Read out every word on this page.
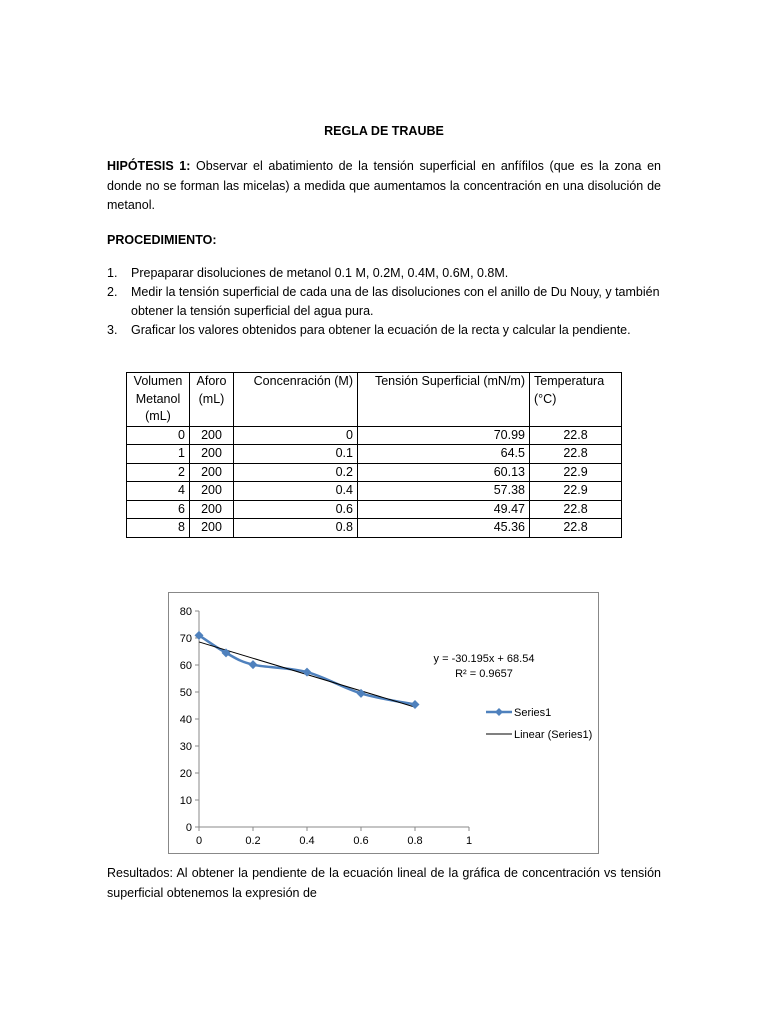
REGLA DE TRAUBE
HIPÓTESIS 1: Observar el abatimiento de la tensión superficial en anfífilos (que es la zona en donde no se forman las micelas) a medida que aumentamos la concentración en una disolución de metanol.
PROCEDIMIENTO:
1.	Prepaparar disoluciones de metanol 0.1 M, 0.2M, 0.4M, 0.6M, 0.8M.
2.	Medir la tensión superficial de cada una de las disoluciones con el anillo de Du Nouy, y también obtener la tensión superficial del agua pura.
3.	Graficar los valores obtenidos para obtener la ecuación de la recta y calcular la pendiente.
Volumen
Metanol
(mL)	Aforo
(mL)	Concenración (M)	Tensión Superficial (mN/m)	Temperatura
(°C)
0	200	0	70.99	22.8
1	200	0.1	64.5	22.8
2	200	0.2	60.13	22.9
4	200	0.4	57.38	22.9
6	200	0.6	49.47	22.8
8	200	0.8	45.36	22.8
0
10
20
30
40
50
60
70
80
0	0.2	0.4	0.6	0.8	1
y = -30.195x + 68.54
R² = 0.9657
Series1
Linear (Series1)
Resultados: Al obtener la pendiente de la ecuación lineal de la gráfica de concentración vs tensión superficial obtenemos la expresión de
